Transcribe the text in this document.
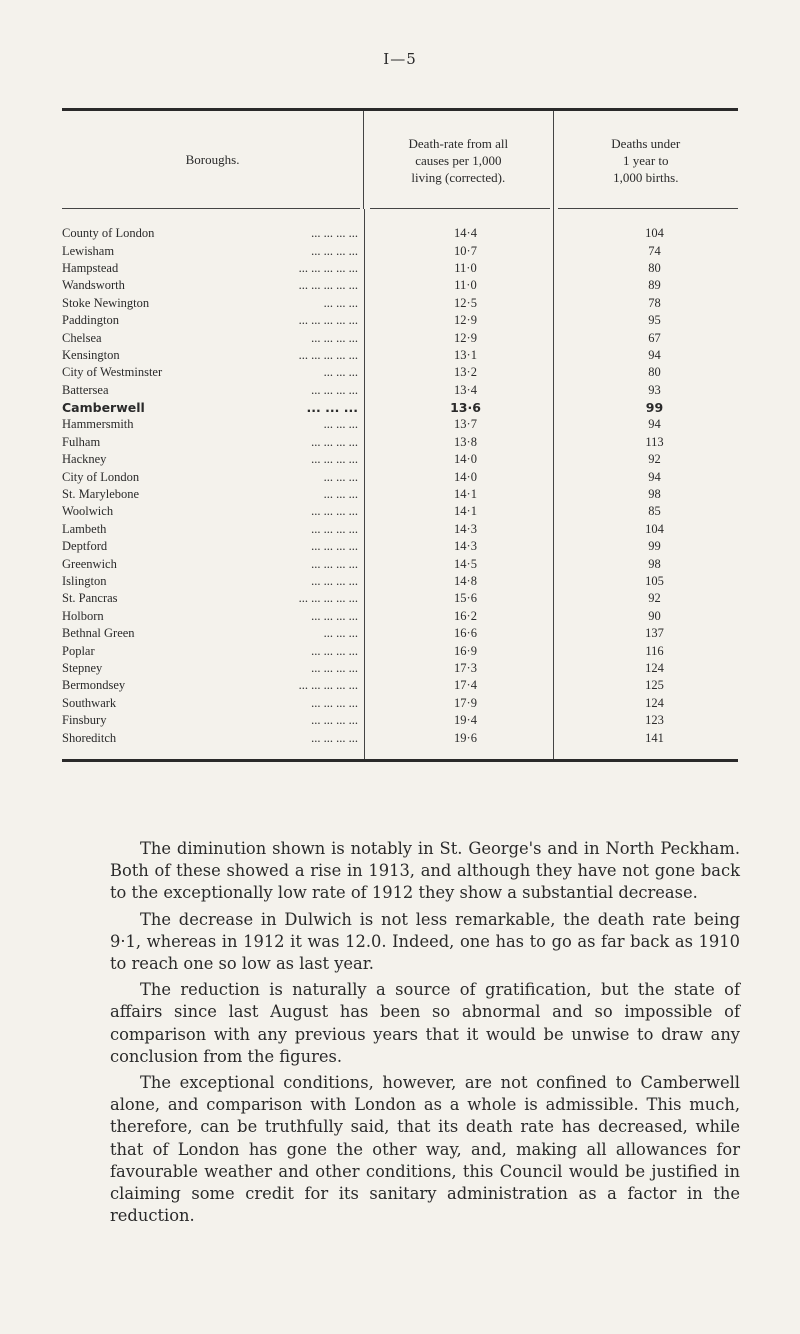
I—5
Boroughs.
Death-rate from all
causes per 1,000
living (corrected).
Deaths under
1 year to
1,000 births.
County of London	... ... ... ...	14·4	104
Lewisham	... ... ... ...	10·7	74
Hampstead	... ... ... ... ...	11·0	80
Wandsworth	... ... ... ... ...	11·0	89
Stoke Newington	... ... ...	12·5	78
Paddington	... ... ... ... ...	12·9	95
Chelsea	... ... ... ...	12·9	67
Kensington	... ... ... ... ...	13·1	94
City of Westminster	... ... ...	13·2	80
Battersea	... ... ... ...	13·4	93
Camberwell	... ... ...	13·6	99
Hammersmith	... ... ...	13·7	94
Fulham	... ... ... ...	13·8	113
Hackney	... ... ... ...	14·0	92
City of London	... ... ...	14·0	94
St. Marylebone	... ... ...	14·1	98
Woolwich	... ... ... ...	14·1	85
Lambeth	... ... ... ...	14·3	104
Deptford	... ... ... ...	14·3	99
Greenwich	... ... ... ...	14·5	98
Islington	... ... ... ...	14·8	105
St. Pancras	... ... ... ... ...	15·6	92
Holborn	... ... ... ...	16·2	90
Bethnal Green	... ... ...	16·6	137
Poplar	... ... ... ...	16·9	116
Stepney	... ... ... ...	17·3	124
Bermondsey	... ... ... ... ...	17·4	125
Southwark	... ... ... ...	17·9	124
Finsbury	... ... ... ...	19·4	123
Shoreditch	... ... ... ...	19·6	141

The diminution shown is notably in St. George's and in North Peckham. Both of these showed a rise in 1913, and although they have not gone back to the exceptionally low rate of 1912 they show a substantial decrease.

The decrease in Dulwich is not less remarkable, the death rate being 9·1, whereas in 1912 it was 12.0. Indeed, one has to go as far back as 1910 to reach one so low as last year.

The reduction is naturally a source of gratification, but the state of affairs since last August has been so abnormal and so impossible of comparison with any previous years that it would be unwise to draw any conclusion from the figures.

The exceptional conditions, however, are not confined to Camberwell alone, and comparison with London as a whole is admissible. This much, therefore, can be truthfully said, that its death rate has decreased, while that of London has gone the other way, and, making all allowances for favourable weather and other conditions, this Council would be justified in claiming some credit for its sanitary administration as a factor in the reduction.
